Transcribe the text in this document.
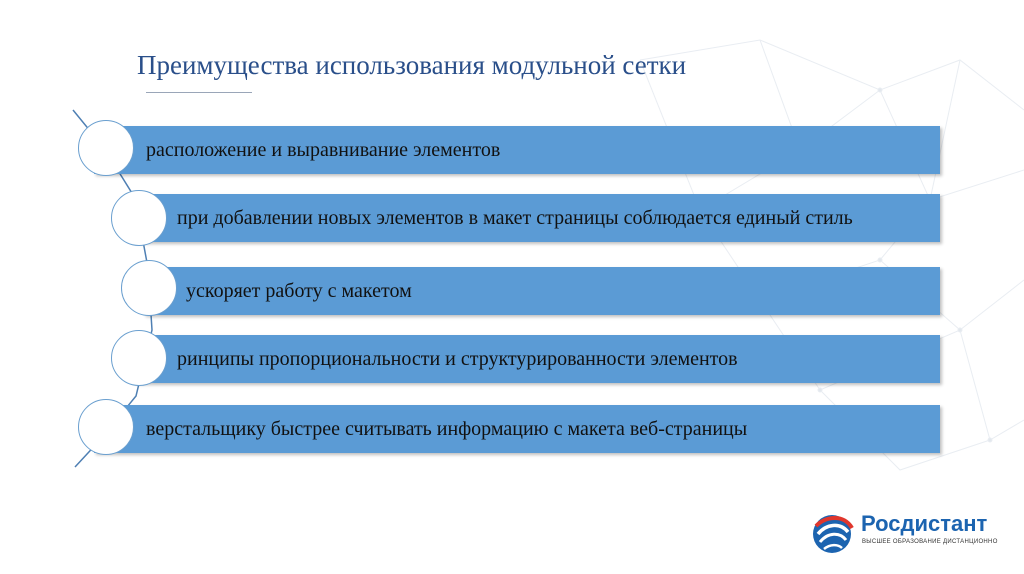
Преимущества использования модульной сетки
расположение и выравнивание элементов
при добавлении новых элементов в макет страницы соблюдается единый стиль
ускоряет работу с макетом
ринципы пропорциональности и структурированности элементов
верстальщику быстрее считывать информацию с макета веб-страницы
Росдистант
ВЫСШЕЕ ОБРАЗОВАНИЕ ДИСТАНЦИОННО
